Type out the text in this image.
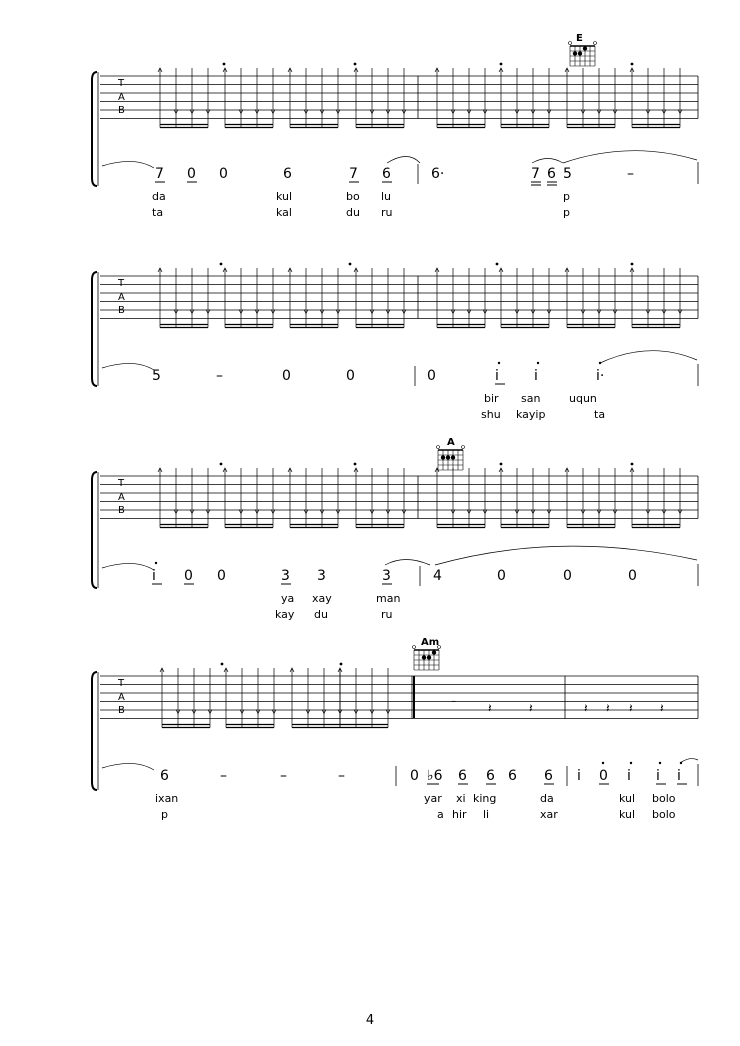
T
A
B
T
A
B
T
A
B
T
A
B
–	𝄽	𝄽	𝄽 𝄽 𝄽 𝄽
E
7 0 0	6	7 6	6·	7 6 5	–
da	kul	bo lu	p
ta	kal	du ru	p
5	–	0	0	0	i	i	i·
bir san	uqun
shu kayip	ta
A
i 0 0	3 3	3	4	0	0	0
ya xay	man
kay du	ru
Am
6	–	–	–	0 ♭6 6 6 6 6 i 0 i i i
ixan	yar xi king	da	kul bolo
p	a hir li	xar	kul bolo
4
